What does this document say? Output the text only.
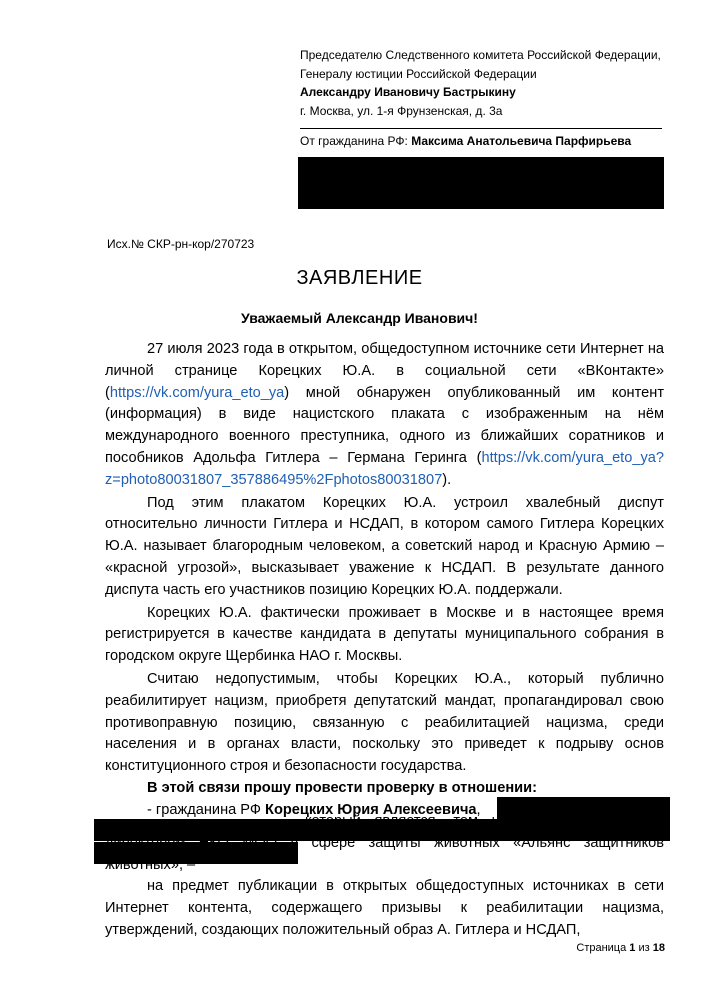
Председателю Следственного комитета Российской Федерации,
Генералу юстиции Российской Федерации
Александру Ивановичу Бастрыкину
г. Москва, ул. 1-я Фрунзенская, д. 3а
От гражданина РФ: Максима Анатольевича Парфирьева
Исх.№ СКР-рн-кор/270723
ЗАЯВЛЕНИЕ
Уважаемый Александр Иванович!

27 июля 2023 года в открытом, общедоступном источнике сети Интернет на личной странице Корецких Ю.А. в социальной сети «ВКонтакте» (https://vk.com/yura_eto_ya) мной обнаружен опубликованный им контент (информация) в виде нацистского плаката с изображенным на нём международного военного преступника, одного из ближайших соратников и пособников Адольфа Гитлера – Германа Геринга (https://vk.com/yura_eto_ya?z=photo80031807_357886495%2Fphotos80031807).

Под этим плакатом Корецких Ю.А. устроил хвалебный диспут относительно личности Гитлера и НСДАП, в котором самого Гитлера Корецких Ю.А. называет благородным человеком, а советский народ и Красную Армию – «красной угрозой», высказывает уважение к НСДАП. В результате данного диспута часть его участников позицию Корецких Ю.А. поддержали.

Корецких Ю.А. фактически проживает в Москве и в настоящее время регистрируется в качестве кандидата в депутаты муниципального собрания в городском округе Щербинка НАО г. Москвы.

Считаю недопустимым, чтобы Корецких Ю.А., который публично реабилитирует нацизм, приобретя депутатский мандат, пропагандировал свою противоправную позицию, связанную с реабилитацией нацизма, среди населения и в органах власти, поскольку это приведет к подрыву основ конституционного строя и безопасности государства.

В этой связи прошу провести проверку в отношении:

- гражданина РФ Корецких Юрия Алексеевича,

который является, том числе, исполнительным директором НКО МОО в сфере защиты животных «Альянс защитников животных», –

на предмет публикации в открытых общедоступных источниках в сети Интернет контента, содержащего призывы к реабилитации нацизма, утверждений, создающих положительный образ А. Гитлера и НСДАП,

Страница 1 из 18
